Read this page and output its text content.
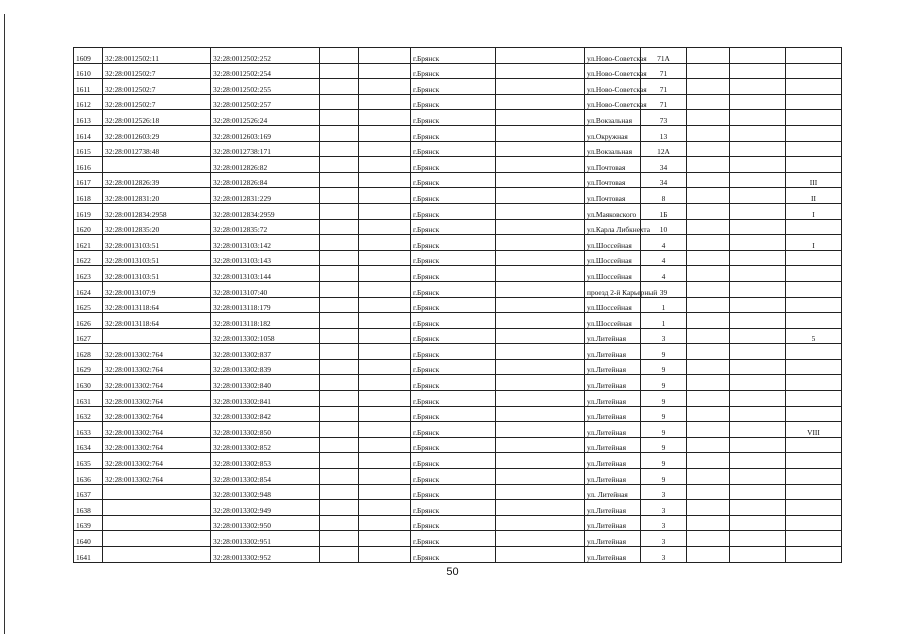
1609	32:28:0012502:11	32:28:0012502:252			г.Брянск		ул.Ново-Советская	71А			
1610	32:28:0012502:7	32:28:0012502:254			г.Брянск		ул.Ново-Советская	71			
1611	32:28:0012502:7	32:28:0012502:255			г.Брянск		ул.Ново-Советская	71			
1612	32:28:0012502:7	32:28:0012502:257			г.Брянск		ул.Ново-Советская	71			
1613	32:28:0012526:18	32:28:0012526:24			г.Брянск		ул.Вокзальная	73			
1614	32:28:0012603:29	32:28:0012603:169			г.Брянск		ул.Окружная	13			
1615	32:28:0012738:48	32:28:0012738:171			г.Брянск		ул.Вокзальная	12А			
1616		32:28:0012826:82			г.Брянск		ул.Почтовая	34			
1617	32:28:0012826:39	32:28:0012826:84			г.Брянск		ул.Почтовая	34			III
1618	32:28:0012831:20	32:28:0012831:229			г.Брянск		ул.Почтовая	8			II
1619	32:28:0012834:2958	32:28:0012834:2959			г.Брянск		ул.Маяковского	1Б			I
1620	32:28:0012835:20	32:28:0012835:72			г.Брянск		ул.Карла Либкнехта	10			
1621	32:28:0013103:51	32:28:0013103:142			г.Брянск		ул.Шоссейная	4			I
1622	32:28:0013103:51	32:28:0013103:143			г.Брянск		ул.Шоссейная	4			
1623	32:28:0013103:51	32:28:0013103:144			г.Брянск		ул.Шоссейная	4			
1624	32:28:0013107:9	32:28:0013107:40			г.Брянск		проезд 2-й Карьерный	39			
1625	32:28:0013118:64	32:28:0013118:179			г.Брянск		ул.Шоссейная	1			
1626	32:28:0013118:64	32:28:0013118:182			г.Брянск		ул.Шоссейная	1			
1627		32:28:0013302:1058			г.Брянск		ул.Литейная	3			5
1628	32:28:0013302:764	32:28:0013302:837			г.Брянск		ул.Литейная	9			
1629	32:28:0013302:764	32:28:0013302:839			г.Брянск		ул.Литейная	9			
1630	32:28:0013302:764	32:28:0013302:840			г.Брянск		ул.Литейная	9			
1631	32:28:0013302:764	32:28:0013302:841			г.Брянск		ул.Литейная	9			
1632	32:28:0013302:764	32:28:0013302:842			г.Брянск		ул.Литейная	9			
1633	32:28:0013302:764	32:28:0013302:850			г.Брянск		ул.Литейная	9			VIII
1634	32:28:0013302:764	32:28:0013302:852			г.Брянск		ул.Литейная	9			
1635	32:28:0013302:764	32:28:0013302:853			г.Брянск		ул.Литейная	9			
1636	32:28:0013302:764	32:28:0013302:854			г.Брянск		ул.Литейная	9			
1637		32:28:0013302:948			г.Брянск		ул. Литейная	3			
1638		32:28:0013302:949			г.Брянск		ул.Литейная	3			
1639		32:28:0013302:950			г.Брянск		ул.Литейная	3			
1640		32:28:0013302:951			г.Брянск		ул.Литейная	3			
1641		32:28:0013302:952			г.Брянск		ул.Литейная	3			
50
